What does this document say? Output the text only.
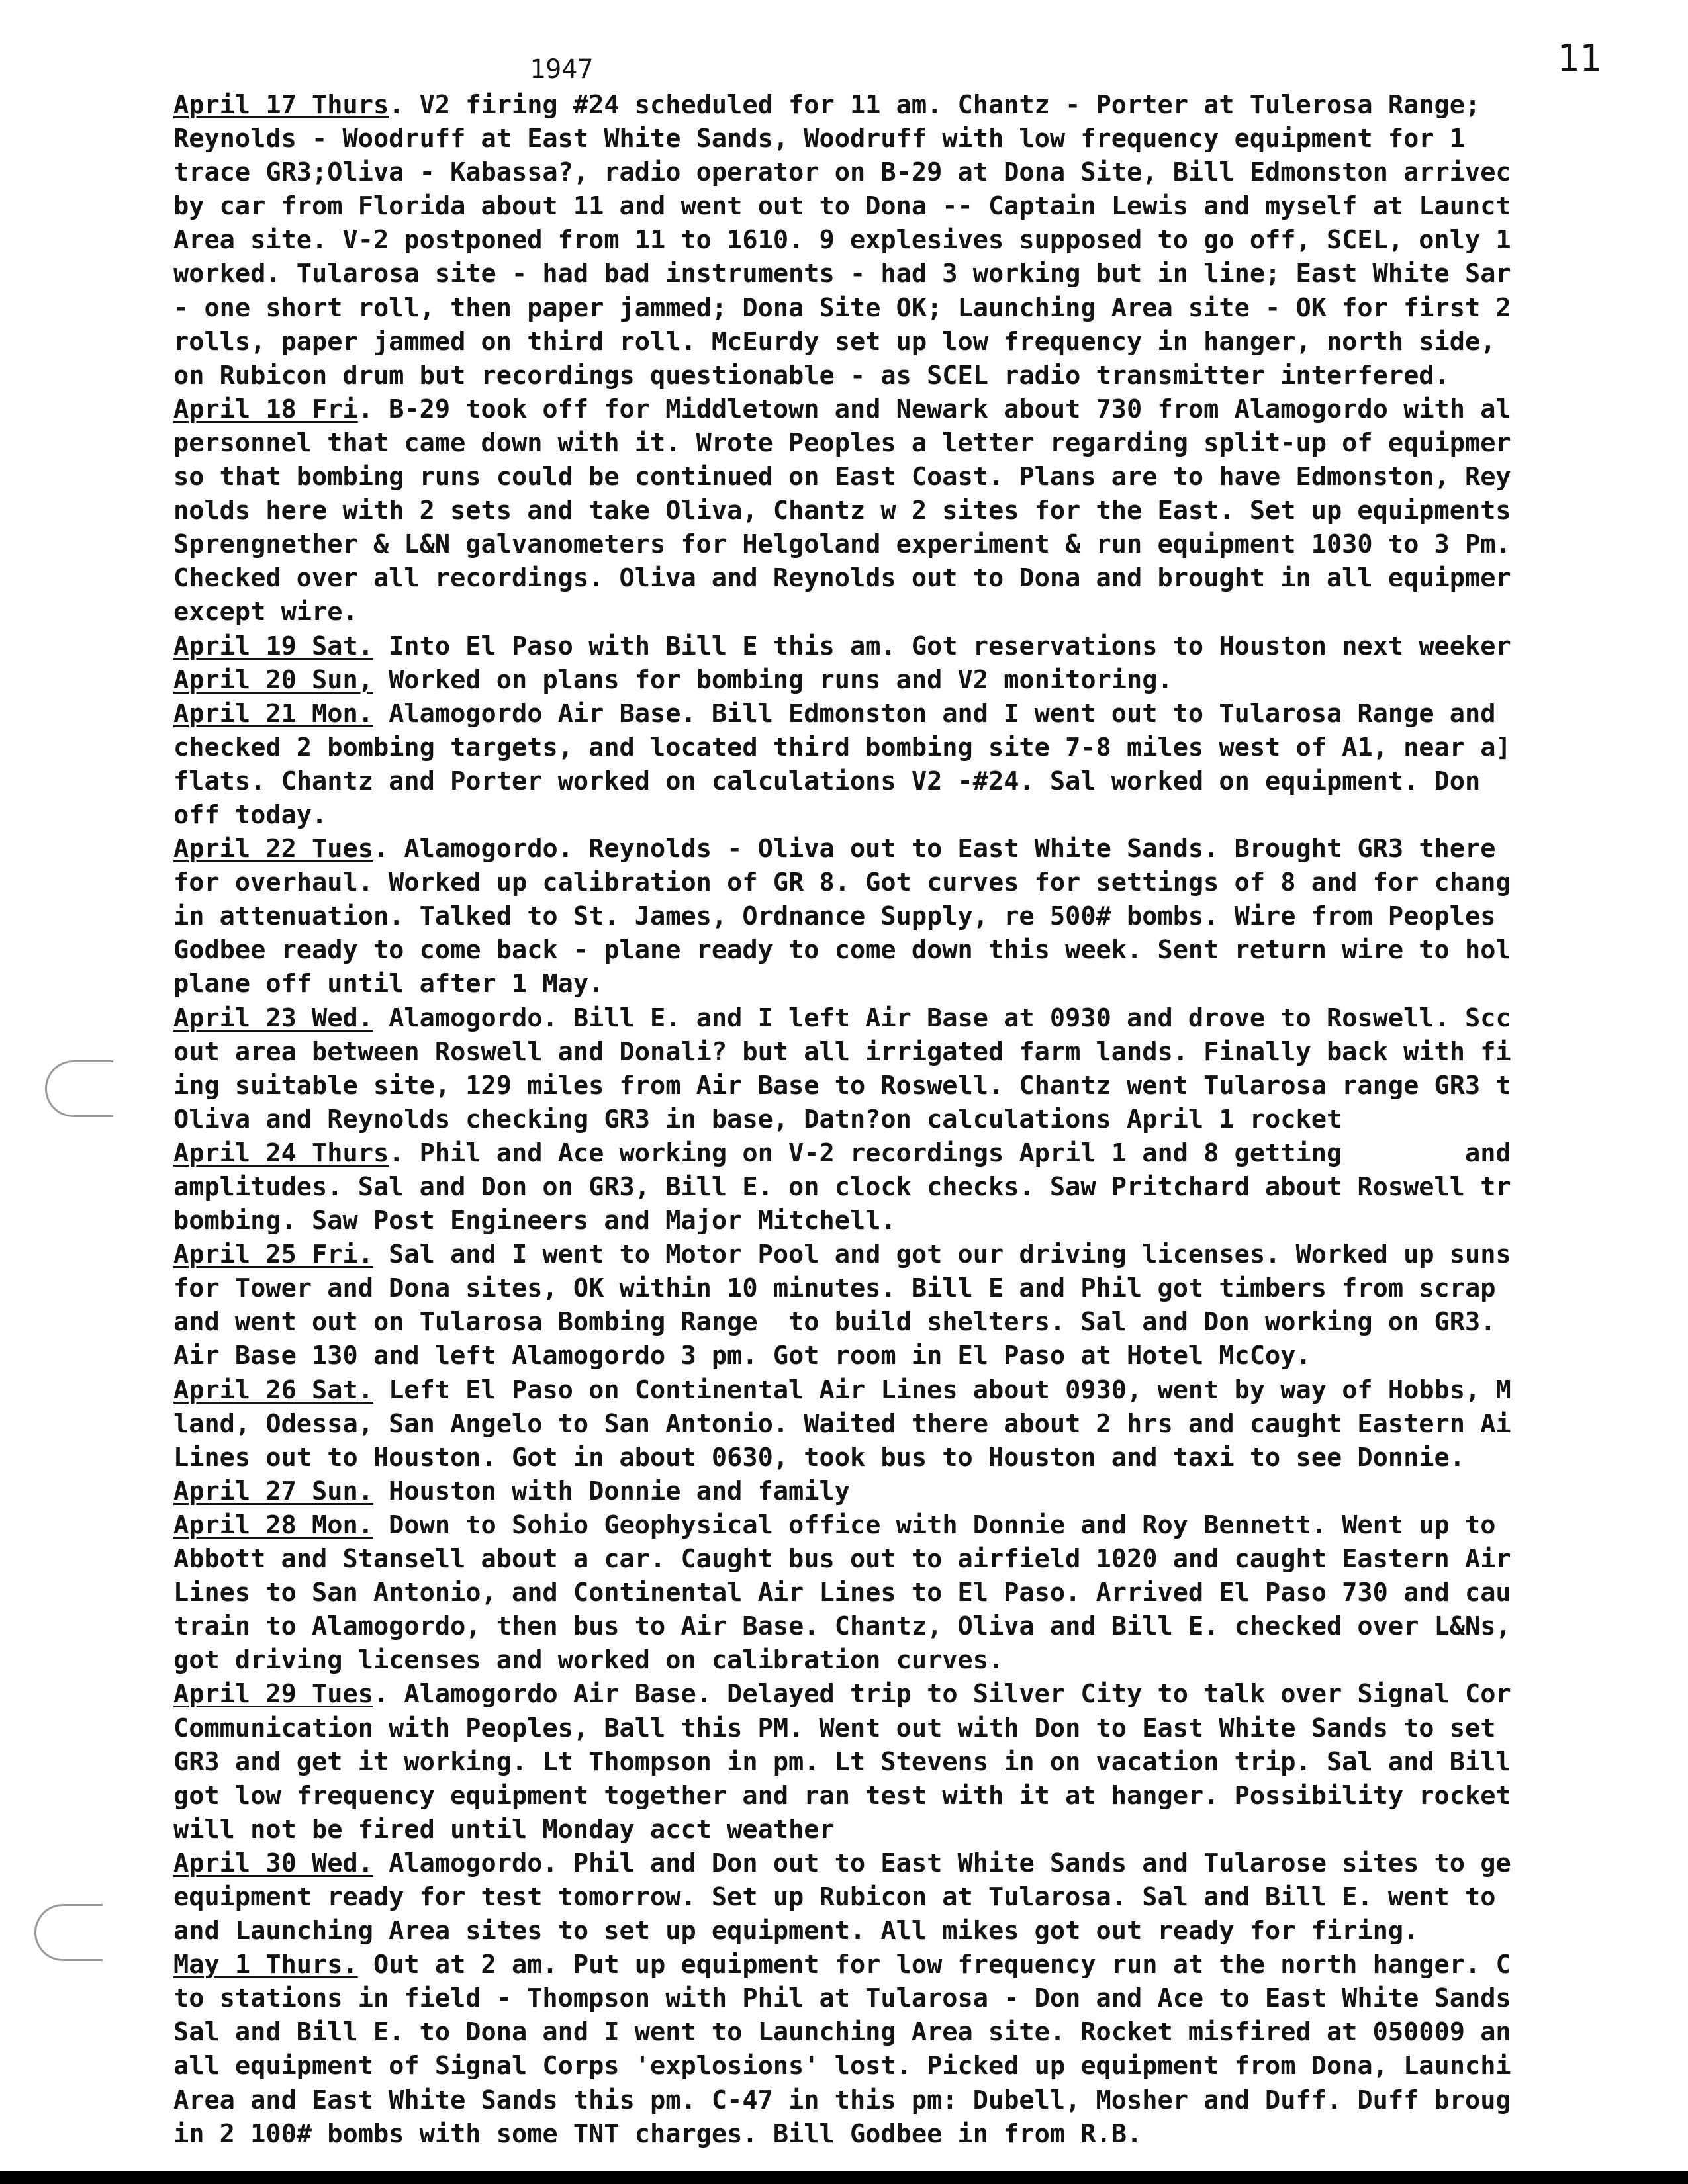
1947	11
April 17 Thurs. V2 firing #24 scheduled for 11 am. Chantz - Porter at Tulerosa Range;
Reynolds - Woodruff at East White Sands, Woodruff with low frequency equipment for 1
trace GR3;Oliva - Kabassa?, radio operator on B-29 at Dona Site, Bill Edmonston arrivec
by car from Florida about 11 and went out to Dona -- Captain Lewis and myself at Launct
Area site. V-2 postponed from 11 to 1610. 9 explesives supposed to go off, SCEL, only 1
worked. Tularosa site - had bad instruments - had 3 working but in line; East White Sar
- one short roll, then paper jammed; Dona Site OK; Launching Area site - OK for first 2
rolls, paper jammed on third roll. McEurdy set up low frequency in hanger, north side,
on Rubicon drum but recordings questionable - as SCEL radio transmitter interfered.
April 18 Fri. B-29 took off for Middletown and Newark about 730 from Alamogordo with al
personnel that came down with it. Wrote Peoples a letter regarding split-up of equipmer
so that bombing runs could be continued on East Coast. Plans are to have Edmonston, Rey
nolds here with 2 sets and take Oliva, Chantz w 2 sites for the East. Set up equipments
Sprengnether & L&N galvanometers for Helgoland experiment & run equipment 1030 to 3 Pm.
Checked over all recordings. Oliva and Reynolds out to Dona and brought in all equipmer
except wire.
April 19 Sat. Into El Paso with Bill E this am. Got reservations to Houston next weeker
April 20 Sun, Worked on plans for bombing runs and V2 monitoring.
April 21 Mon. Alamogordo Air Base. Bill Edmonston and I went out to Tularosa Range and
checked 2 bombing targets, and located third bombing site 7-8 miles west of A1, near a]
flats. Chantz and Porter worked on calculations V2 -#24. Sal worked on equipment. Don
off today.
April 22 Tues. Alamogordo. Reynolds - Oliva out to East White Sands. Brought GR3 there
for overhaul. Worked up calibration of GR 8. Got curves for settings of 8 and for chang
in attenuation. Talked to St. James, Ordnance Supply, re 500# bombs. Wire from Peoples
Godbee ready to come back - plane ready to come down this week. Sent return wire to hol
plane off until after 1 May.
April 23 Wed. Alamogordo. Bill E. and I left Air Base at 0930 and drove to Roswell. Scc
out area between Roswell and Donali? but all irrigated farm lands. Finally back with fi
ing suitable site, 129 miles from Air Base to Roswell. Chantz went Tularosa range GR3 t
Oliva and Reynolds checking GR3 in base, Datn?on calculations April 1 rocket
April 24 Thurs. Phil and Ace working on V-2 recordings April 1 and 8 getting        and
amplitudes. Sal and Don on GR3, Bill E. on clock checks. Saw Pritchard about Roswell tr
bombing. Saw Post Engineers and Major Mitchell.
April 25 Fri. Sal and I went to Motor Pool and got our driving licenses. Worked up suns
for Tower and Dona sites, OK within 10 minutes. Bill E and Phil got timbers from scrap
and went out on Tularosa Bombing Range  to build shelters. Sal and Don working on GR3.
Air Base 130 and left Alamogordo 3 pm. Got room in El Paso at Hotel McCoy.
April 26 Sat. Left El Paso on Continental Air Lines about 0930, went by way of Hobbs, M
land, Odessa, San Angelo to San Antonio. Waited there about 2 hrs and caught Eastern Ai
Lines out to Houston. Got in about 0630, took bus to Houston and taxi to see Donnie.
April 27 Sun. Houston with Donnie and family
April 28 Mon. Down to Sohio Geophysical office with Donnie and Roy Bennett. Went up to
Abbott and Stansell about a car. Caught bus out to airfield 1020 and caught Eastern Air
Lines to San Antonio, and Continental Air Lines to El Paso. Arrived El Paso 730 and cau
train to Alamogordo, then bus to Air Base. Chantz, Oliva and Bill E. checked over L&Ns,
got driving licenses and worked on calibration curves.
April 29 Tues. Alamogordo Air Base. Delayed trip to Silver City to talk over Signal Cor
Communication with Peoples, Ball this PM. Went out with Don to East White Sands to set
GR3 and get it working. Lt Thompson in pm. Lt Stevens in on vacation trip. Sal and Bill
got low frequency equipment together and ran test with it at hanger. Possibility rocket
will not be fired until Monday acct weather
April 30 Wed. Alamogordo. Phil and Don out to East White Sands and Tularose sites to ge
equipment ready for test tomorrow. Set up Rubicon at Tularosa. Sal and Bill E. went to
and Launching Area sites to set up equipment. All mikes got out ready for firing.
May 1 Thurs. Out at 2 am. Put up equipment for low frequency run at the north hanger. C
to stations in field - Thompson with Phil at Tularosa - Don and Ace to East White Sands
Sal and Bill E. to Dona and I went to Launching Area site. Rocket misfired at 050009 an
all equipment of Signal Corps 'explosions' lost. Picked up equipment from Dona, Launchi
Area and East White Sands this pm. C-47 in this pm: Dubell, Mosher and Duff. Duff broug
in 2 100# bombs with some TNT charges. Bill Godbee in from R.B.
